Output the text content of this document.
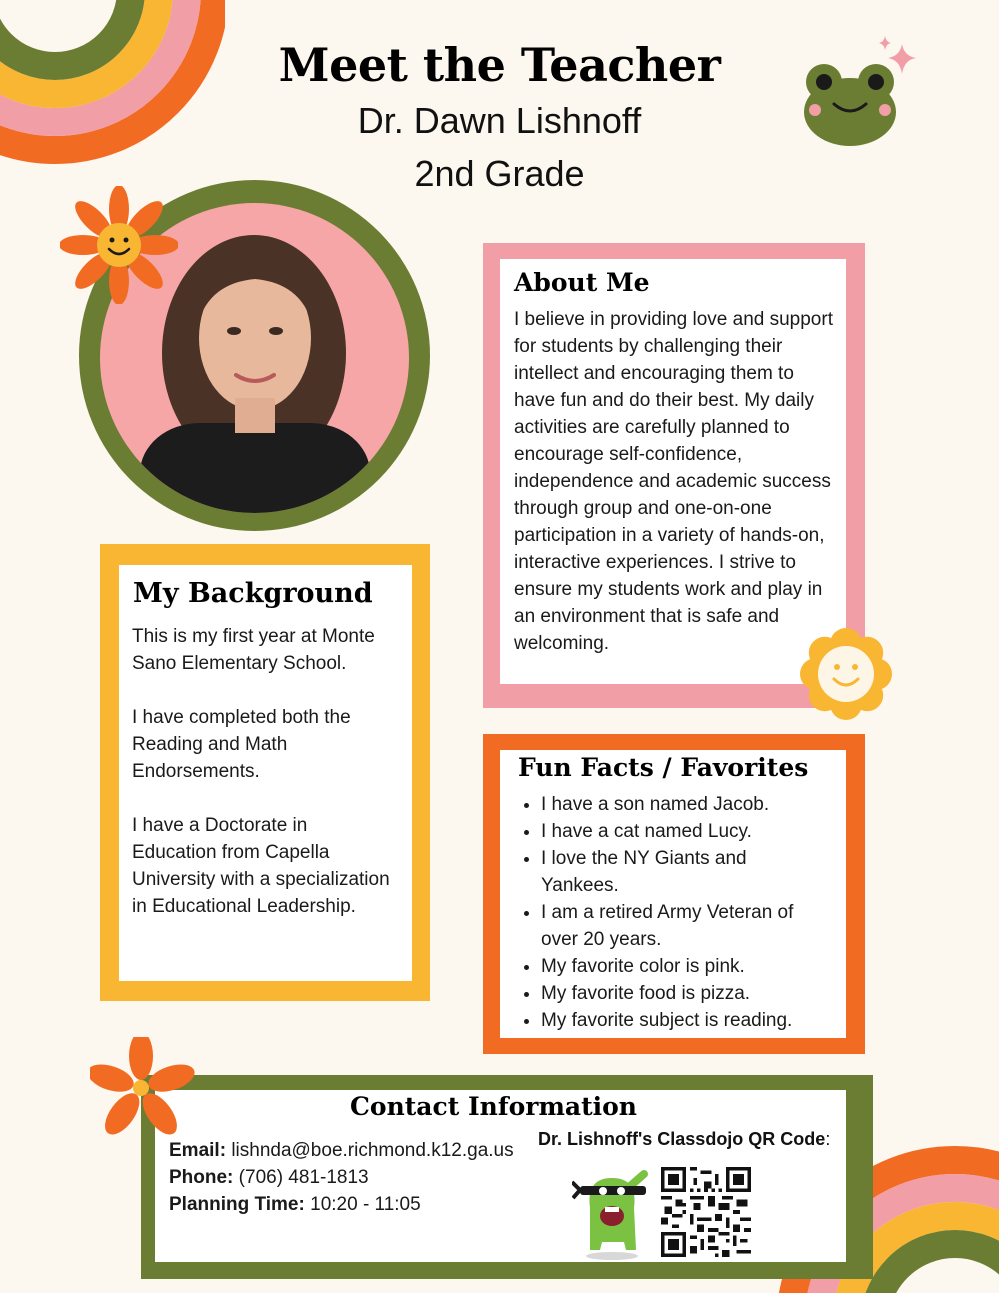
Meet the Teacher
Dr. Dawn Lishnoff
2nd Grade
About Me
I believe in providing love and support for students by challenging their intellect and encouraging them to have fun and do their best. My daily activities are carefully planned to encourage self-confidence, independence and academic success through group and one-on-one participation in a variety of hands-on, interactive experiences. I strive to ensure my students work and play in an environment that is safe and welcoming.
My Background
This is my first year at Monte Sano Elementary School.
I have completed both the Reading and Math Endorsements.
I have a Doctorate in Education from Capella University with a specialization in Educational Leadership.
Fun Facts / Favorites
• I have a son named Jacob.
• I have a cat named Lucy.
• I love the NY Giants and Yankees.
• I am a retired Army Veteran of over 20 years.
• My favorite color is pink.
• My favorite food is pizza.
• My favorite subject is reading.
Contact Information
Email: lishnda@boe.richmond.k12.ga.us
Phone: (706) 481-1813
Planning Time: 10:20 - 11:05
Dr. Lishnoff's Classdojo QR Code:
